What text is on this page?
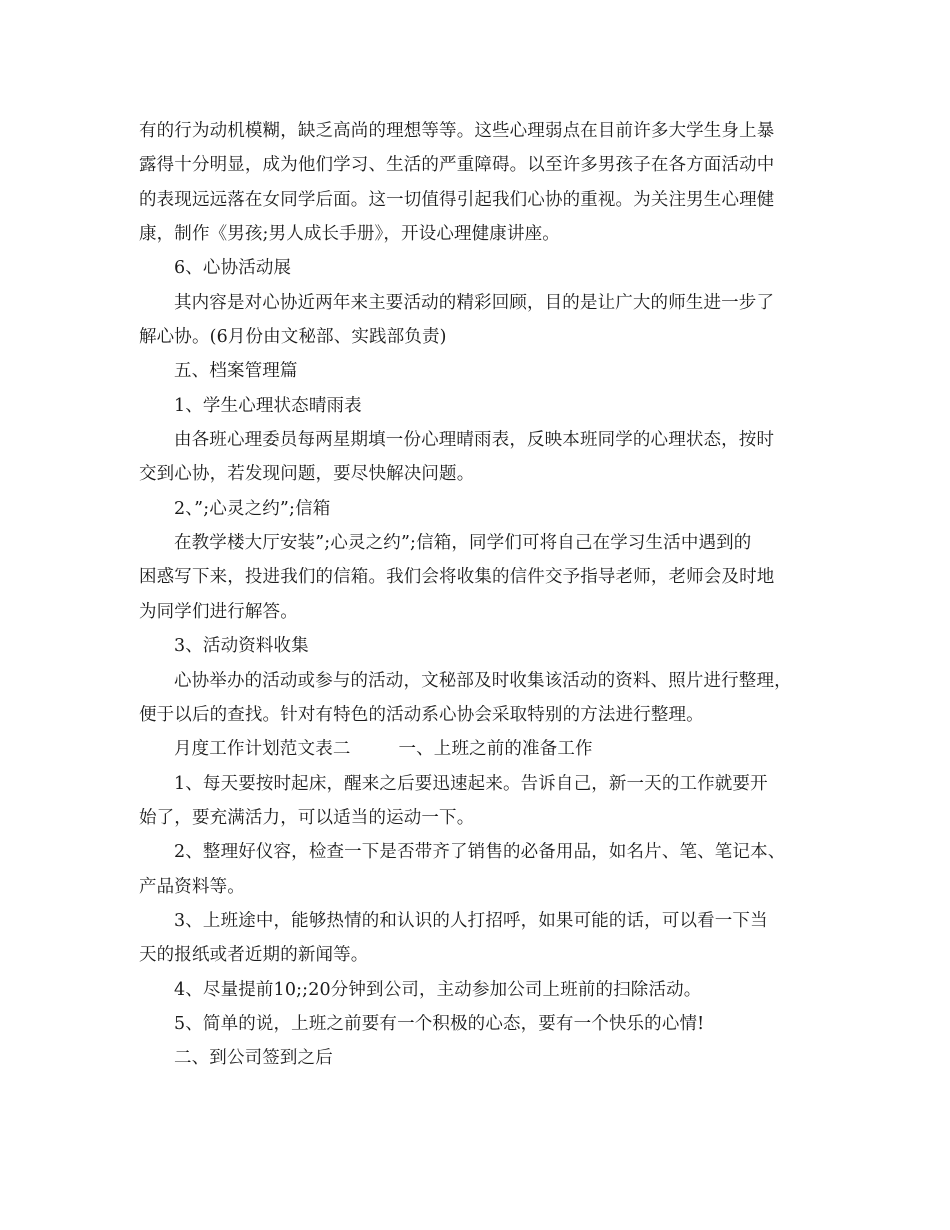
有的行为动机模糊，缺乏高尚的理想等等。这些心理弱点在目前许多大学生身上暴
露得十分明显，成为他们学习、生活的严重障碍。以至许多男孩子在各方面活动中
的表现远远落在女同学后面。这一切值得引起我们心协的重视。为关注男生心理健
康，制作《男孩;男人成长手册》，开设心理健康讲座。
6、心协活动展
其内容是对心协近两年来主要活动的精彩回顾，目的是让广大的师生进一步了
解心协。(6月份由文秘部、实践部负责)
五、档案管理篇
1、学生心理状态晴雨表
由各班心理委员每两星期填一份心理晴雨表，反映本班同学的心理状态，按时
交到心协，若发现问题，要尽快解决问题。
2、”;心灵之约”;信箱
在教学楼大厅安装”;心灵之约”;信箱，同学们可将自己在学习生活中遇到的
困惑写下来，投进我们的信箱。我们会将收集的信件交予指导老师，老师会及时地
为同学们进行解答。
3、活动资料收集
心协举办的活动或参与的活动，文秘部及时收集该活动的资料、照片进行整理，
便于以后的查找。针对有特色的活动系心协会采取特别的方法进行整理。
月度工作计划范文表二	一、上班之前的准备工作
1、每天要按时起床，醒来之后要迅速起来。告诉自己，新一天的工作就要开
始了，要充满活力，可以适当的运动一下。
2、整理好仪容，检查一下是否带齐了销售的必备用品，如名片、笔、笔记本、
产品资料等。
3、上班途中，能够热情的和认识的人打招呼，如果可能的话，可以看一下当
天的报纸或者近期的新闻等。
4、尽量提前10;;20分钟到公司，主动参加公司上班前的扫除活动。
5、简单的说，上班之前要有一个积极的心态，要有一个快乐的心情!
二、到公司签到之后
